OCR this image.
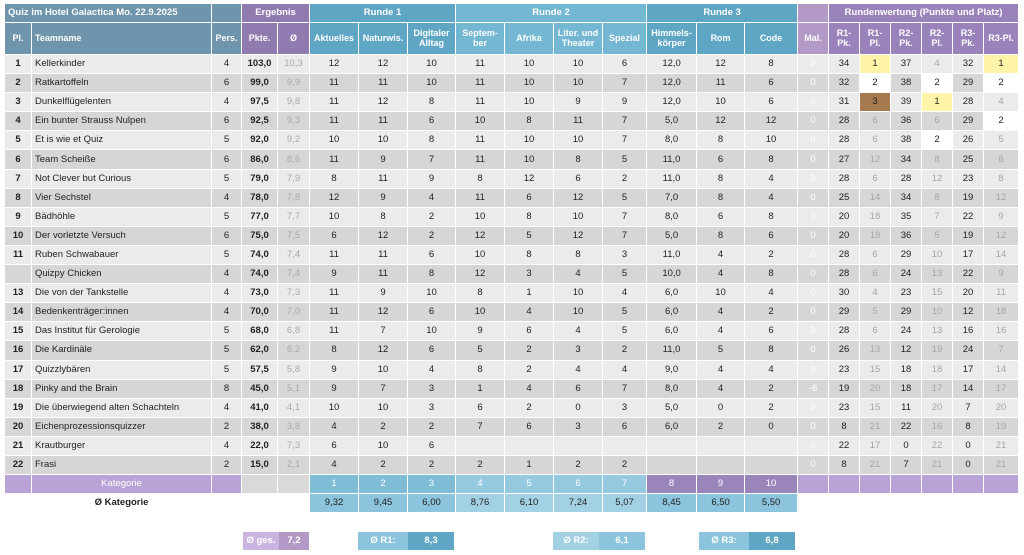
Quiz im Hotel Galactica Mo. 22.9.2025			Ergebnis		Runde 1			Runde 2				Runde 3				Rundenwertung (Punkte und Platz)					
Pl.	Teamname	Pers.	Pkte.	Ø	Aktuelles	Naturwis.	Digitaler Alltag	Septem-ber	Afrika	Liter. und Theater	Spezial	Himmels-körper	Rom	Code	Mal.	R1-Pk.	R1-Pl.	R2-Pk.	R2-Pl.	R3-Pk.	R3-Pl.
1	Kellerkinder	4	103,0	10,3	12	12	10	11	10	10	6	12,0	12	8	0	34	1	37	4	32	1
2	Ratkartoffeln	6	99,0	9,9	11	11	10	11	10	10	7	12,0	11	6	0	32	2	38	2	29	2
3	Dunkelflügelenten	4	97,5	9,8	11	12	8	11	10	9	9	12,0	10	6	0	31	3	39	1	28	4
4	Ein bunter Strauss Nulpen	6	92,5	9,3	11	11	6	10	8	11	7	5,0	12	12	0	28	6	36	6	29	2
5	Et is wie et Quiz	5	92,0	9,2	10	10	8	11	10	10	7	8,0	8	10	0	28	6	38	2	26	5
6	Team Scheiße	6	86,0	8,6	11	9	7	11	10	8	5	11,0	6	8	0	27	12	34	8	25	6
7	Not Clever but Curious	5	79,0	7,9	8	11	9	8	12	6	2	11,0	8	4	0	28	6	28	12	23	8
8	Vier Sechstel	4	78,0	7,8	12	9	4	11	6	12	5	7,0	8	4	0	25	14	34	8	19	12
9	Bädhöhle	5	77,0	7,7	10	8	2	10	8	10	7	8,0	6	8	0	20	18	35	7	22	9
10	Der vorletzte Versuch	6	75,0	7,5	6	12	2	12	5	12	7	5,0	8	6	0	20	18	36	5	19	12
11	Ruben Schwabauer	5	74,0	7,4	11	11	6	10	8	8	3	11,0	4	2	0	28	6	29	10	17	14
	Quizpy Chicken	4	74,0	7,4	9	11	8	12	3	4	5	10,0	4	8	0	28	6	24	13	22	9
13	Die von der Tankstelle	4	73,0	7,3	11	9	10	8	1	10	4	6,0	10	4	0	30	4	23	15	20	11
14	Bedenkenträger:innen	4	70,0	7,0	11	12	6	10	4	10	5	6,0	4	2	0	29	5	29	10	12	18
15	Das Institut für Gerologie	5	68,0	6,8	11	7	10	9	6	4	5	6,0	4	6	0	28	6	24	13	16	16
16	Die Kardinäle	5	62,0	6,2	8	12	6	5	2	3	2	11,0	5	8	0	26	13	12	19	24	7
17	Quizzlybären	5	57,5	5,8	9	10	4	8	2	4	4	9,0	4	4	0	23	15	18	18	17	14
18	Pinky and the Brain	8	45,0	5,1	9	7	3	1	4	6	7	8,0	4	2	-6	19	20	18	17	14	17
19	Die überwiegend alten Schachteln	4	41,0	4,1	10	10	3	6	2	0	3	5,0	0	2	0	23	15	11	20	7	20
20	Eichenprozessionsquizzer	2	38,0	3,8	4	2	2	7	6	3	6	6,0	2	0	0	8	21	22	16	8	19
21	Krautburger	4	22,0	7,3	6	10	6								0	22	17	0	22	0	21
22	Frasi	2	15,0	2,1	4	2	2	2	1	2	2				0	8	21	7	21	0	21
	Kategorie				1	2	3	4	5	6	7	8	9	10							
	Ø Kategorie				9,32	9,45	6,00	8,76	6,10	7,24	5,07	8,45	6,50	5,50							
Ø ges.	7,2	Ø R1:	8,3	Ø R2:	6,1	Ø R3:	6,8
